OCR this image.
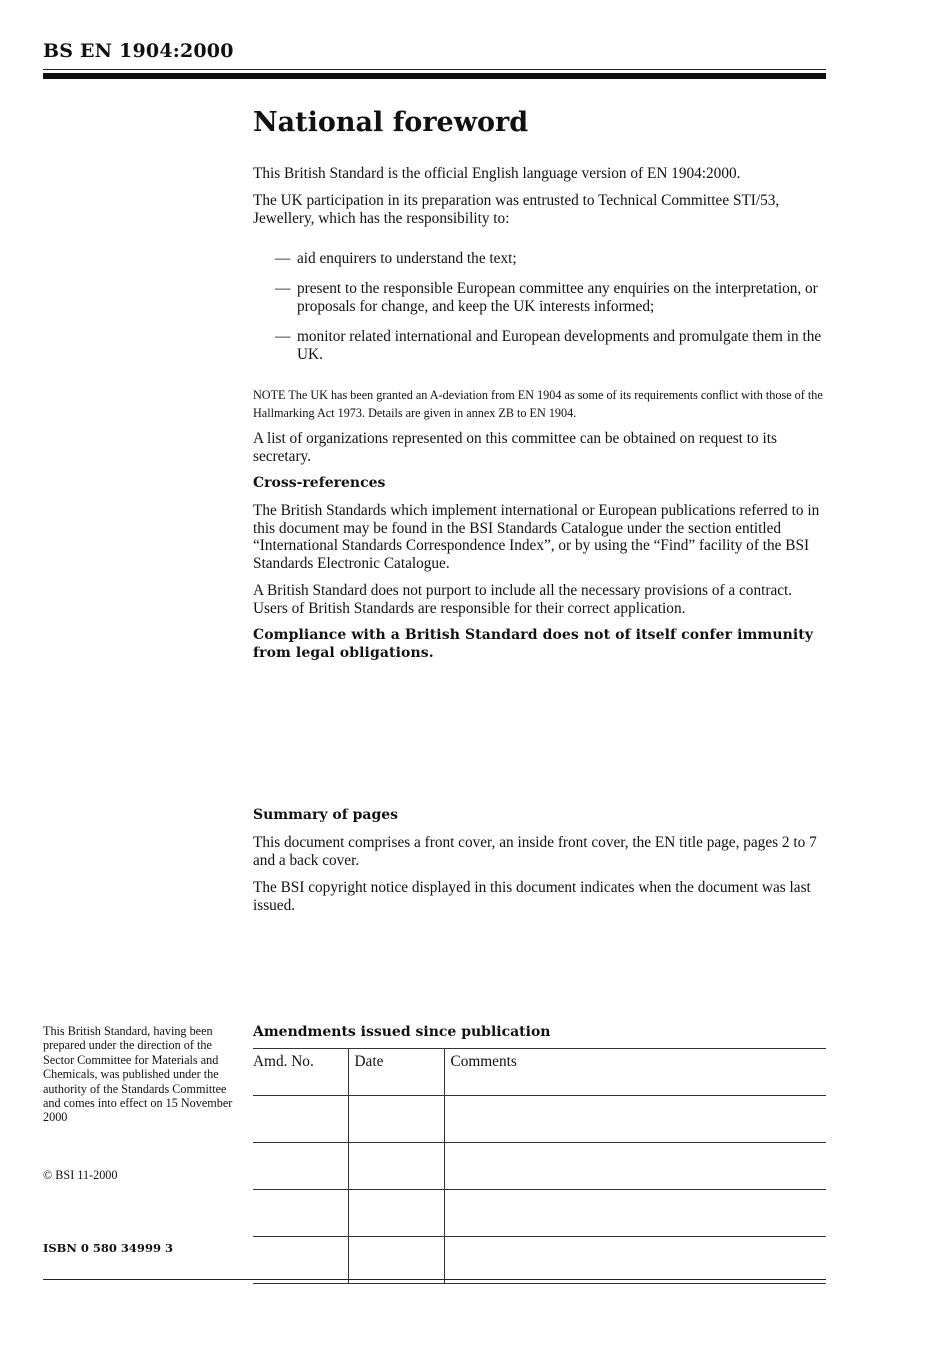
BS EN 1904:2000
National foreword

This British Standard is the official English language version of EN 1904:2000.

The UK participation in its preparation was entrusted to Technical Committee STI/53, Jewellery, which has the responsibility to:

— aid enquirers to understand the text;
— present to the responsible European committee any enquiries on the interpretation, or proposals for change, and keep the UK interests informed;
— monitor related international and European developments and promulgate them in the UK.

NOTE The UK has been granted an A-deviation from EN 1904 as some of its requirements conflict with those of the Hallmarking Act 1973. Details are given in annex ZB to EN 1904.

A list of organizations represented on this committee can be obtained on request to its secretary.

Cross-references

The British Standards which implement international or European publications referred to in this document may be found in the BSI Standards Catalogue under the section entitled “International Standards Correspondence Index”, or by using the “Find” facility of the BSI Standards Electronic Catalogue.

A British Standard does not purport to include all the necessary provisions of a contract. Users of British Standards are responsible for their correct application.

Compliance with a British Standard does not of itself confer immunity from legal obligations.

Summary of pages

This document comprises a front cover, an inside front cover, the EN title page, pages 2 to 7 and a back cover.

The BSI copyright notice displayed in this document indicates when the document was last issued.

This British Standard, having been prepared under the direction of the Sector Committee for Materials and Chemicals, was published under the authority of the Standards Committee and comes into effect on 15 November 2000

© BSI 11-2000

ISBN 0 580 34999 3

Amendments issued since publication
Amd. No.	Date	Comments
